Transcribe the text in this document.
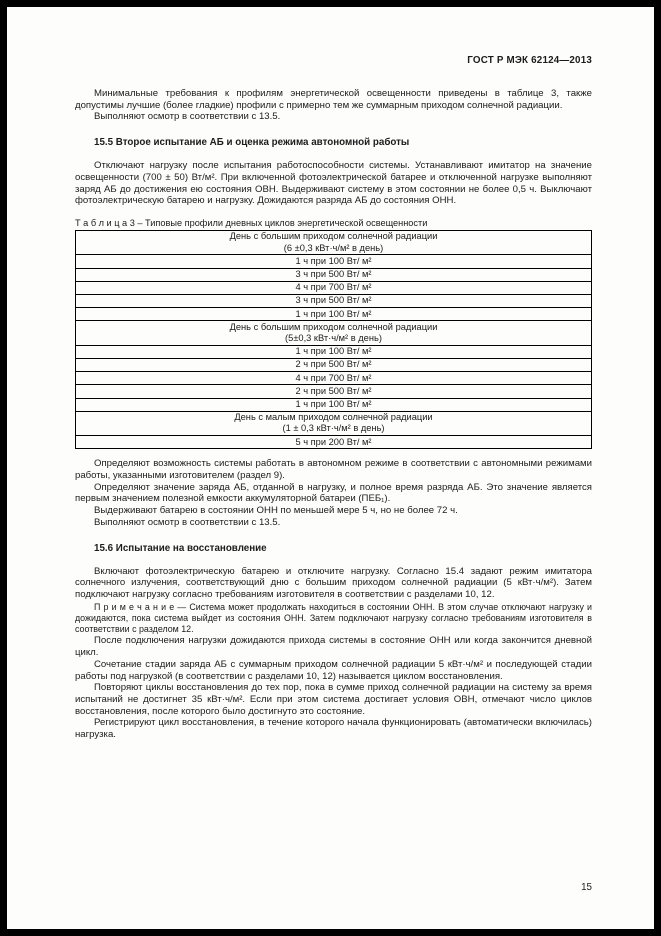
ГОСТ Р МЭК 62124—2013

Минимальные требования к профилям энергетической освещенности приведены в таблице 3, также допустимы лучшие (более гладкие) профили с примерно тем же суммарным приходом солнечной радиации.

Выполняют осмотр в соответствии с 13.5.

15.5 Второе испытание АБ и оценка режима автономной работы

Отключают нагрузку после испытания работоспособности системы. Устанавливают имитатор на значение освещенности (700 ± 50) Вт/м². При включенной фотоэлектрической батарее и отключенной нагрузке выполняют заряд АБ до достижения ею состояния ОВН. Выдерживают систему в этом состоянии не более 0,5 ч. Выключают фотоэлектрическую батарею и нагрузку. Дожидаются разряда АБ до состояния ОНН.

Т а б л и ц а 3 – Типовые профили дневных циклов энергетической освещенности
День с большим приходом солнечной радиации
(6 ±0,3 кВт·ч/м² в день)

1 ч при 100 Вт/ м²
3 ч при 500 Вт/ м²
4 ч при 700 Вт/ м²
3 ч при 500 Вт/ м²
1 ч при 100 Вт/ м²

День с большим приходом солнечной радиации
(5±0,3 кВт·ч/м² в день)

1 ч при 100 Вт/ м²
2 ч при 500 Вт/ м²
4 ч при 700 Вт/ м²
2 ч при 500 Вт/ м²
1 ч при 100 Вт/ м²

День с малым приходом солнечной радиации
(1 ± 0,3 кВт·ч/м² в день)

5 ч при 200 Вт/ м²

Определяют возможность системы работать в автономном режиме в соответствии с автономными режимами работы, указанными изготовителем (раздел 9).

Определяют значение заряда АБ, отданной в нагрузку, и полное время разряда АБ. Это значение является первым значением полезной емкости аккумуляторной батареи (ПЕБ₁).

Выдерживают батарею в состоянии ОНН по меньшей мере 5 ч, но не более 72 ч.

Выполняют осмотр в соответствии с 13.5.

15.6 Испытание на восстановление

Включают фотоэлектрическую батарею и отключите нагрузку. Согласно 15.4 задают режим имитатора солнечного излучения, соответствующий дню с большим приходом солнечной радиации (5 кВт·ч/м²). Затем подключают нагрузку согласно требованиям изготовителя в соответствии с разделами 10, 12.

П р и м е ч а н и е — Система может продолжать находиться в состоянии ОНН. В этом случае отключают нагрузку и дожидаются, пока система выйдет из состояния ОНН. Затем подключают нагрузку согласно требованиям изготовителя в соответствии с разделом 12.

После подключения нагрузки дожидаются прихода системы в состояние ОНН или когда закончится дневной цикл.

Сочетание стадии заряда АБ с суммарным приходом солнечной радиации 5 кВт·ч/м² и последующей стадии работы под нагрузкой (в соответствии с разделами 10, 12) называется циклом восстановления.

Повторяют циклы восстановления до тех пор, пока в сумме приход солнечной радиации на систему за время испытаний не достигнет 35 кВт·ч/м². Если при этом система достигает условия ОВН, отмечают число циклов восстановления, после которого было достигнуто это состояние.

Регистрируют цикл восстановления, в течение которого начала функционировать (автоматически включилась) нагрузка.

15
